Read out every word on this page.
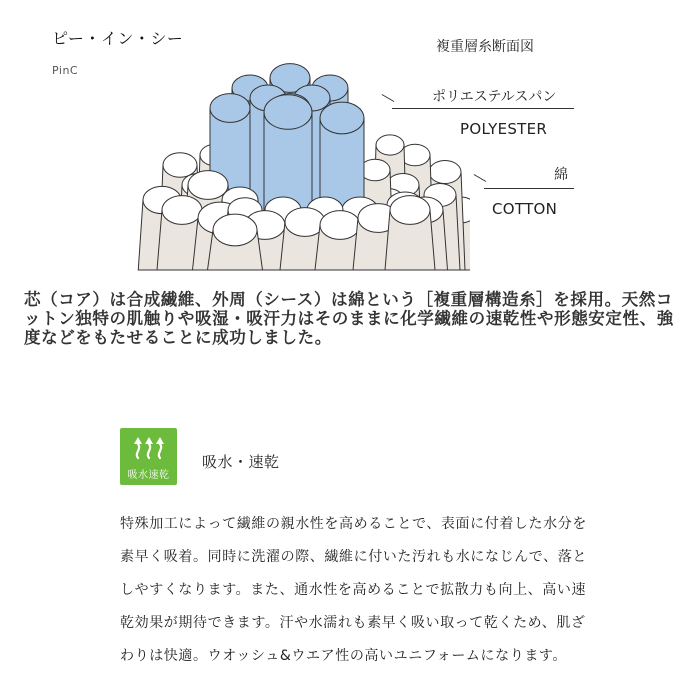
ピー・イン・シー
PinC
複重層糸断面図
ポリエステルスパン
POLYESTER
綿
COTTON
芯（コア）は合成繊維、外周（シース）は綿という［複重層構造糸］を採用。天然コットン独特の肌触りや吸湿・吸汗力はそのままに化学繊維の速乾性や形態安定性、強度などをもたせることに成功しました。
吸水速乾
吸水・速乾
特殊加工によって繊維の親水性を高めることで、表面に付着した水分を素早く吸着。同時に洗濯の際、繊維に付いた汚れも水になじんで、落としやすくなります。また、通水性を高めることで拡散力も向上、高い速乾効果が期待できます。汗や水濡れも素早く吸い取って乾くため、肌ざわりは快適。ウオッシュ&ウエア性の高いユニフォームになります。
